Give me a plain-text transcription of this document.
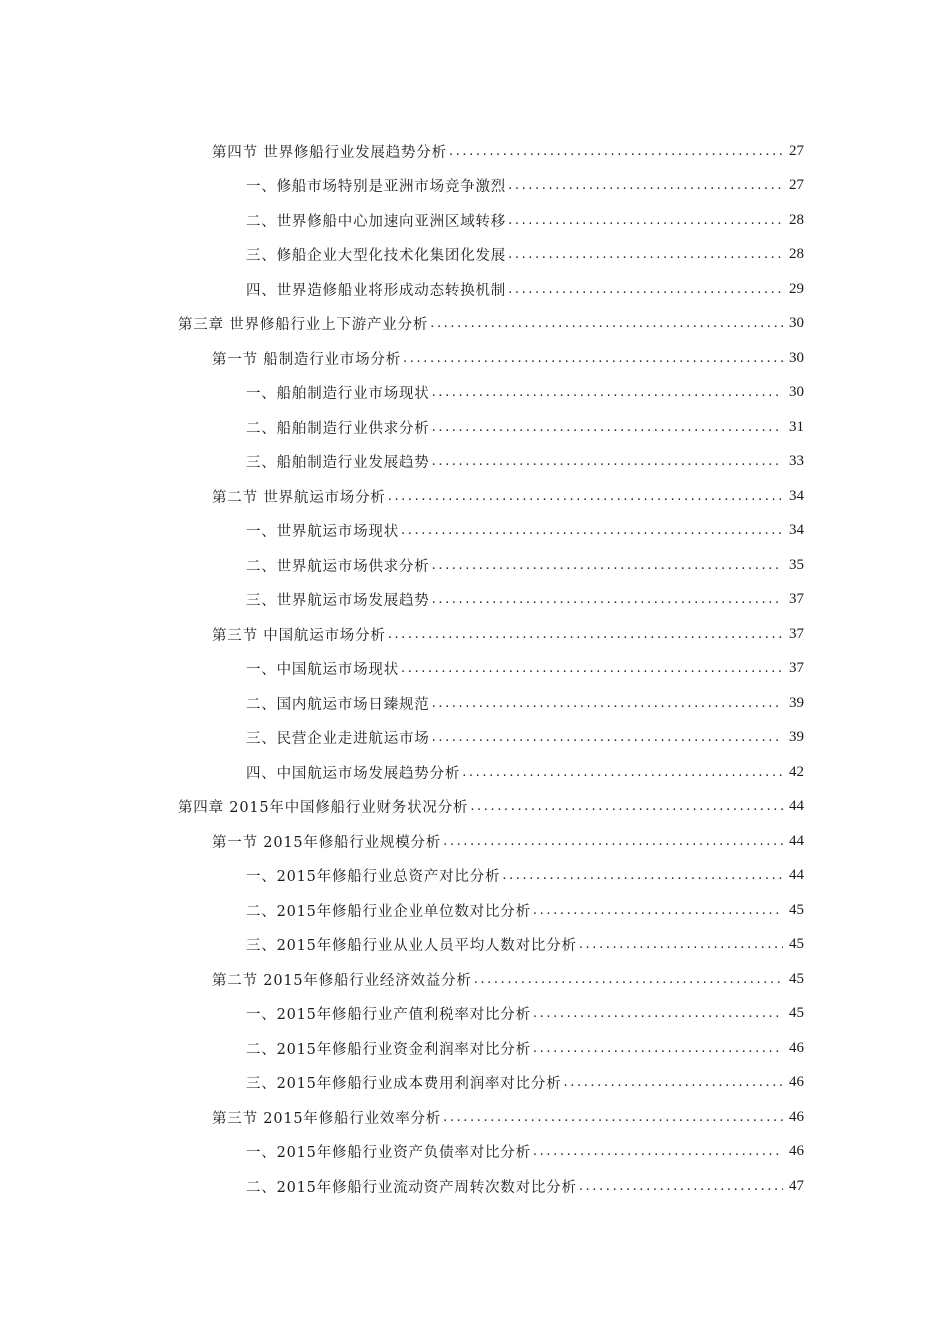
第四节 世界修船行业发展趋势分析 .....	27
一、修船市场特别是亚洲市场竞争激烈 .....	27
二、世界修船中心加速向亚洲区域转移 .....	28
三、修船企业大型化技术化集团化发展 .....	28
四、世界造修船业将形成动态转换机制 .....	29
第三章 世界修船行业上下游产业分析 .....	30
第一节 船制造行业市场分析 .....	30
一、船舶制造行业市场现状 .....	30
二、船舶制造行业供求分析 .....	31
三、船舶制造行业发展趋势 .....	33
第二节 世界航运市场分析 .....	34
一、世界航运市场现状 .....	34
二、世界航运市场供求分析 .....	35
三、世界航运市场发展趋势 .....	37
第三节 中国航运市场分析 .....	37
一、中国航运市场现状 .....	37
二、国内航运市场日臻规范 .....	39
三、民营企业走进航运市场 .....	39
四、中国航运市场发展趋势分析 .....	42
第四章 2015年中国修船行业财务状况分析 .....	44
第一节 2015年修船行业规模分析 .....	44
一、2015年修船行业总资产对比分析 .....	44
二、2015年修船行业企业单位数对比分析 .....	45
三、2015年修船行业从业人员平均人数对比分析 .....	45
第二节 2015年修船行业经济效益分析 .....	45
一、2015年修船行业产值利税率对比分析 .....	45
二、2015年修船行业资金利润率对比分析 .....	46
三、2015年修船行业成本费用利润率对比分析 .....	46
第三节 2015年修船行业效率分析 .....	46
一、2015年修船行业资产负债率对比分析 .....	46
二、2015年修船行业流动资产周转次数对比分析 .....	47
